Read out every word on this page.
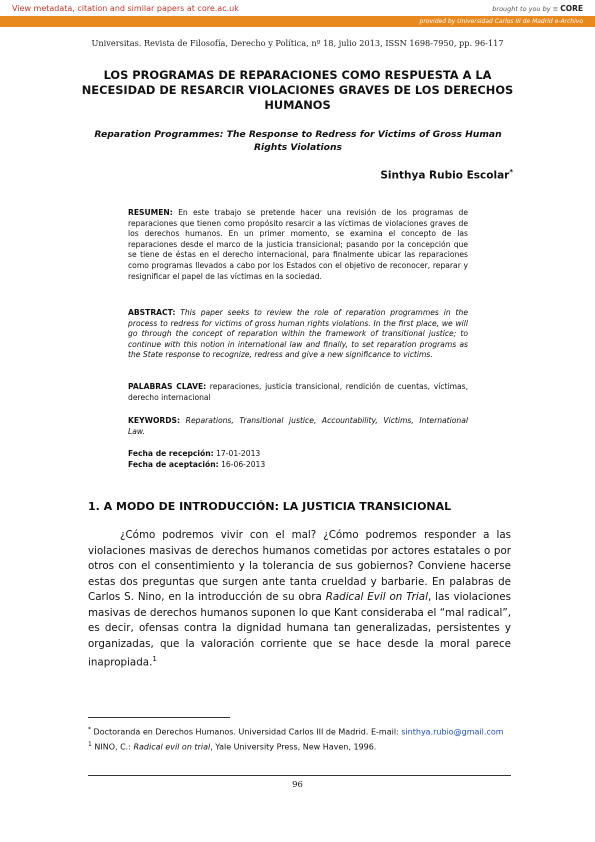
View metadata, citation and similar papers at core.ac.uk	brought to you by ≡ CORE
provided by Universidad Carlos III de Madrid e-Archivo
Universitas. Revista de Filosofía, Derecho y Política, nº 18, julio 2013, ISSN 1698-7950, pp. 96-117
LOS PROGRAMAS DE REPARACIONES COMO RESPUESTA A LA NECESIDAD DE RESARCIR VIOLACIONES GRAVES DE LOS DERECHOS HUMANOS
Reparation Programmes: The Response to Redress for Victims of Gross Human Rights Violations
Sinthya Rubio Escolar*
RESUMEN: En este trabajo se pretende hacer una revisión de los programas de reparaciones que tienen como propósito resarcir a las víctimas de violaciones graves de los derechos humanos. En un primer momento, se examina el concepto de las reparaciones desde el marco de la justicia transicional; pasando por la concepción que se tiene de éstas en el derecho internacional, para finalmente ubicar las reparaciones como programas llevados a cabo por los Estados con el objetivo de reconocer, reparar y resignificar el papel de las víctimas en la sociedad.
ABSTRACT: This paper seeks to review the role of reparation programmes in the process to redress for victims of gross human rights violations. In the first place, we will go through the concept of reparation within the framework of transitional justice; to continue with this notion in international law and finally, to set reparation programs as the State response to recognize, redress and give a new significance to victims.
PALABRAS CLAVE: reparaciones, justicia transicional, rendición de cuentas, víctimas, derecho internacional
KEYWORDS: Reparations, Transitional justice, Accountability, Victims, International Law.
Fecha de recepción: 17-01-2013
Fecha de aceptación: 16-06-2013
1. A MODO DE INTRODUCCIÓN: LA JUSTICIA TRANSICIONAL
¿Cómo podremos vivir con el mal? ¿Cómo podremos responder a las violaciones masivas de derechos humanos cometidas por actores estatales o por otros con el consentimiento y la tolerancia de sus gobiernos? Conviene hacerse estas dos preguntas que surgen ante tanta crueldad y barbarie. En palabras de Carlos S. Nino, en la introducción de su obra Radical Evil on Trial, las violaciones masivas de derechos humanos suponen lo que Kant consideraba el “mal radical”, es decir, ofensas contra la dignidad humana tan generalizadas, persistentes y organizadas, que la valoración corriente que se hace desde la moral parece inapropiada.$^1$
* Doctoranda en Derechos Humanos. Universidad Carlos III de Madrid. E-mail: sinthya.rubio@gmail.com
$^1$ NINO, C.: Radical evil on trial, Yale University Press, New Haven, 1996.
96
